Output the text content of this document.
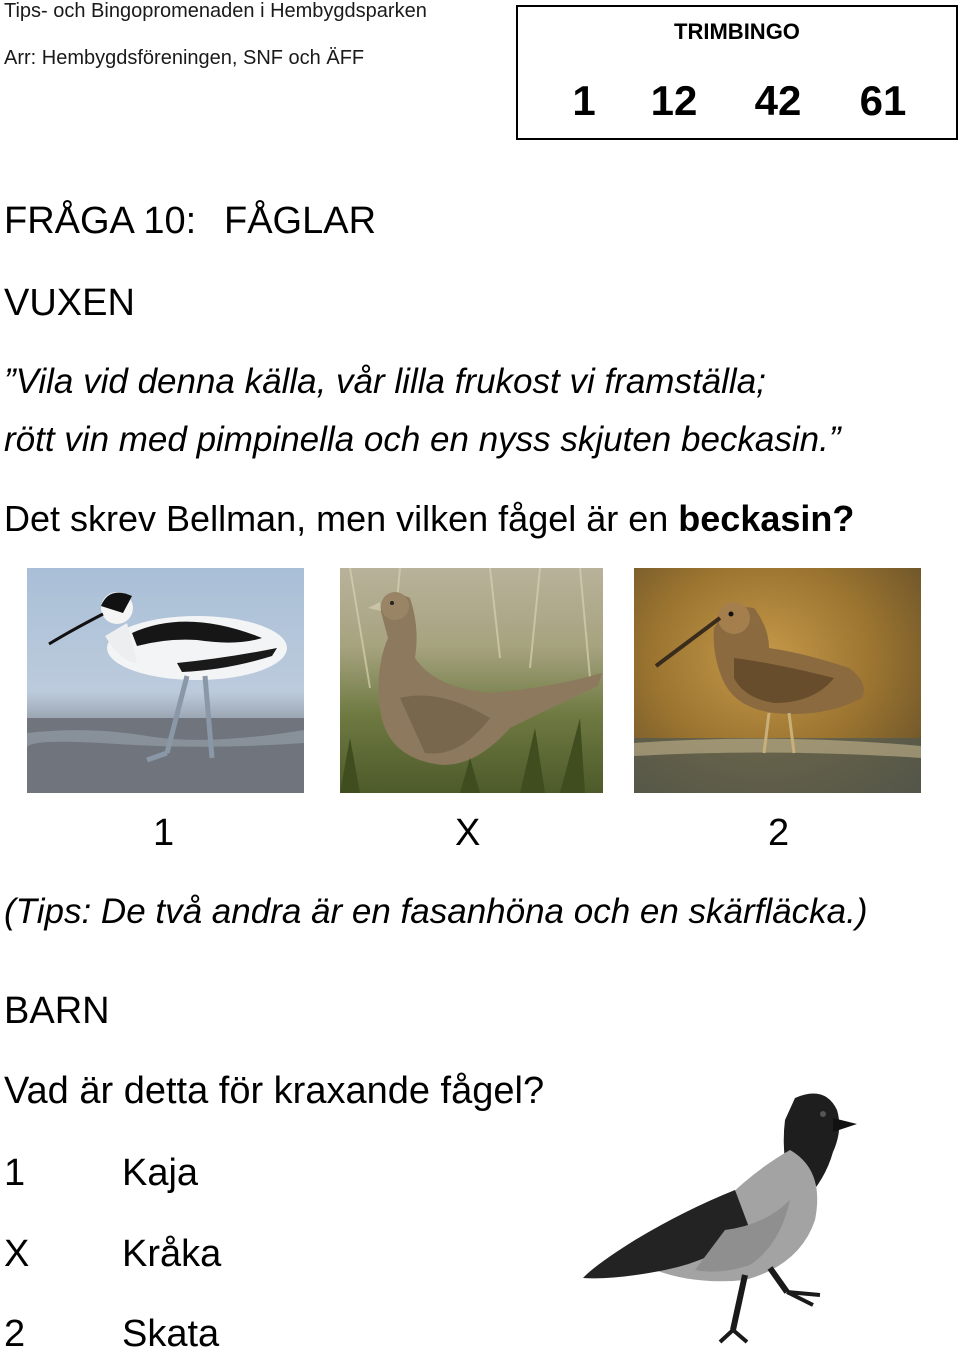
Tips- och Bingopromenaden i Hembygdsparken
Arr: Hembygdsföreningen, SNF och ÄFF
TRIMBINGO
1	12	42	61
FRÅGA 10: FÅGLAR
VUXEN
”Vila vid denna källa, vår lilla frukost vi framställa;
rött vin med pimpinella och en nyss skjuten beckasin.”
Det skrev Bellman, men vilken fågel är en beckasin?
1	X	2
(Tips: De två andra är en fasanhöna och en skärfläcka.)
BARN
Vad är detta för kraxande fågel?
1	Kaja
X Kråka
2	Skata
